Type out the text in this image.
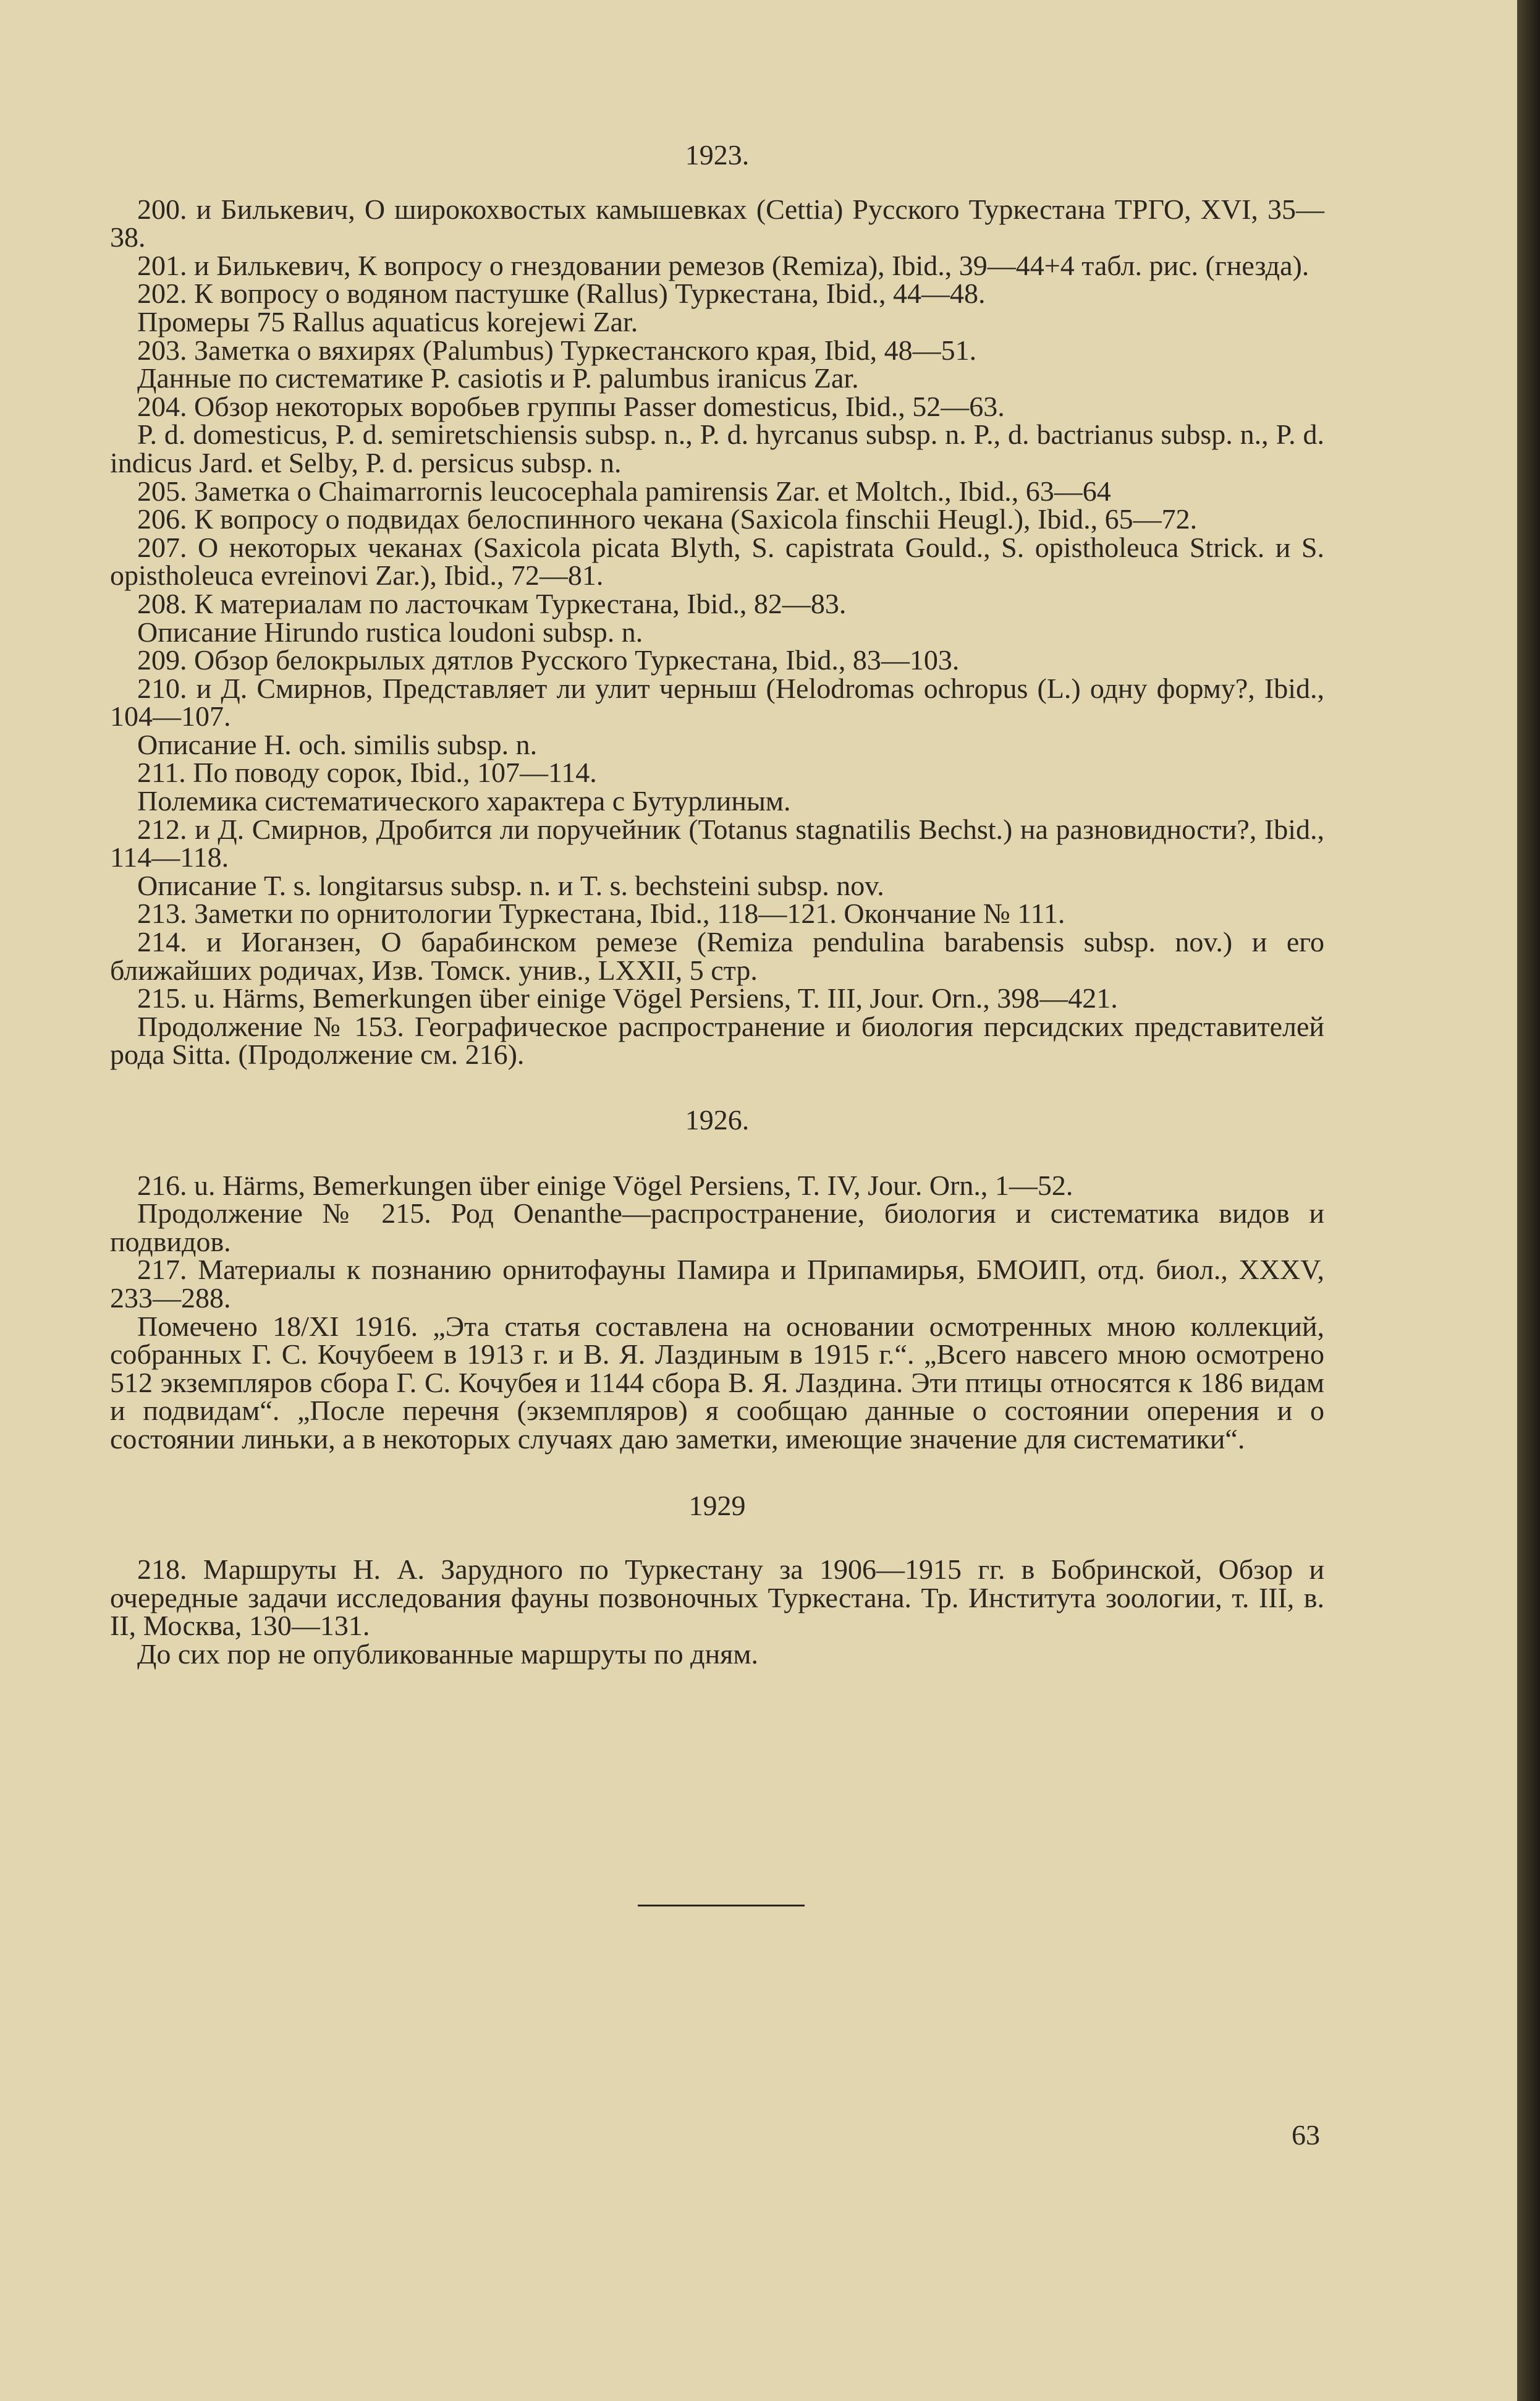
1923.

200. и Билькевич, О широкохвостых камышевках (Cettia) Русского Туркестана ТРГО, XVI, 35—38.

201. и Билькевич, К вопросу о гнездовании ремезов (Remiza), Ibid., 39—44+4 табл. рис. (гнезда).

202. К вопросу о водяном пастушке (Rallus) Туркестана, Ibid., 44—48.

Промеры 75 Rallus aquaticus korejewi Zar.

203. Заметка о вяхирях (Palumbus) Туркестанского края, Ibid, 48—51.

Данные по систематике P. casiotis и P. palumbus iranicus Zar.

204. Обзор некоторых воробьев группы Passer domesticus, Ibid., 52—63.

P. d. domesticus, P. d. semiretschiensis subsp. n., P. d. hyrcanus subsp. n. P., d. bactrianus subsp. n., P. d. indicus Jard. et Selby, P. d. persicus subsp. n.

205. Заметка о Chaimarrornis leucocephala pamirensis Zar. et Moltch., Ibid., 63—64

206. К вопросу о подвидах белоспинного чекана (Saxicola finschii Heugl.), Ibid., 65—72.

207. О некоторых чеканах (Saxicola picata Blyth, S. capistrata Gould., S. opistholeuca Strick. и S. opistholeuca evreinovi Zar.), Ibid., 72—81.

208. К материалам по ласточкам Туркестана, Ibid., 82—83.

Описание Hirundo rustica loudoni subsp. n.

209. Обзор белокрылых дятлов Русского Туркестана, Ibid., 83—103.

210. и Д. Смирнов, Представляет ли улит черныш (Helodromas ochropus (L.) одну форму?, Ibid., 104—107.

Описание H. och. similis subsp. n.

211. По поводу сорок, Ibid., 107—114.

Полемика систематического характера с Бутурлиным.

212. и Д. Смирнов, Дробится ли поручейник (Totanus stagnatilis Bechst.) на разновидности?, Ibid., 114—118.

Описание T. s. longitarsus subsp. n. и T. s. bechsteini subsp. nov.

213. Заметки по орнитологии Туркестана, Ibid., 118—121. Окончание № 111.

214. и Иоганзен, О барабинском ремезе (Remiza pendulina barabensis subsp. nov.) и его ближайших родичах, Изв. Томск. унив., LXXII, 5 стр.

215. u. Härms, Bemerkungen über einige Vögel Persiens, T. III, Jour. Orn., 398—421.

Продолжение № 153. Географическое распространение и биология персидских представителей рода Sitta. (Продолжение см. 216).

1926.

216. u. Härms, Bemerkungen über einige Vögel Persiens, T. IV, Jour. Orn., 1—52.

Продолжение № 215. Род Oenanthe—распространение, биология и систематика видов и подвидов.

217. Материалы к познанию орнитофауны Памира и Припамирья, БМОИП, отд. биол., XXXV, 233—288.

Помечено 18/XI 1916. „Эта статья составлена на основании осмотренных мною коллекций, собранных Г. С. Кочубеем в 1913 г. и В. Я. Лаздиным в 1915 г.“. „Всего навсего мною осмотрено 512 экземпляров сбора Г. С. Кочубея и 1144 сбора В. Я. Лаздина. Эти птицы относятся к 186 видам и подвидам“. „После перечня (экземпляров) я сообщаю данные о состоянии оперения и о состоянии линьки, а в некоторых случаях даю заметки, имеющие значение для систематики“.

1929

218. Маршруты Н. А. Зарудного по Туркестану за 1906—1915 гг. в Бобринской, Обзор и очередные задачи исследования фауны позвоночных Туркестана. Тр. Института зоологии, т. III, в. II, Москва, 130—131.

До сих пор не опубликованные маршруты по дням.

63
